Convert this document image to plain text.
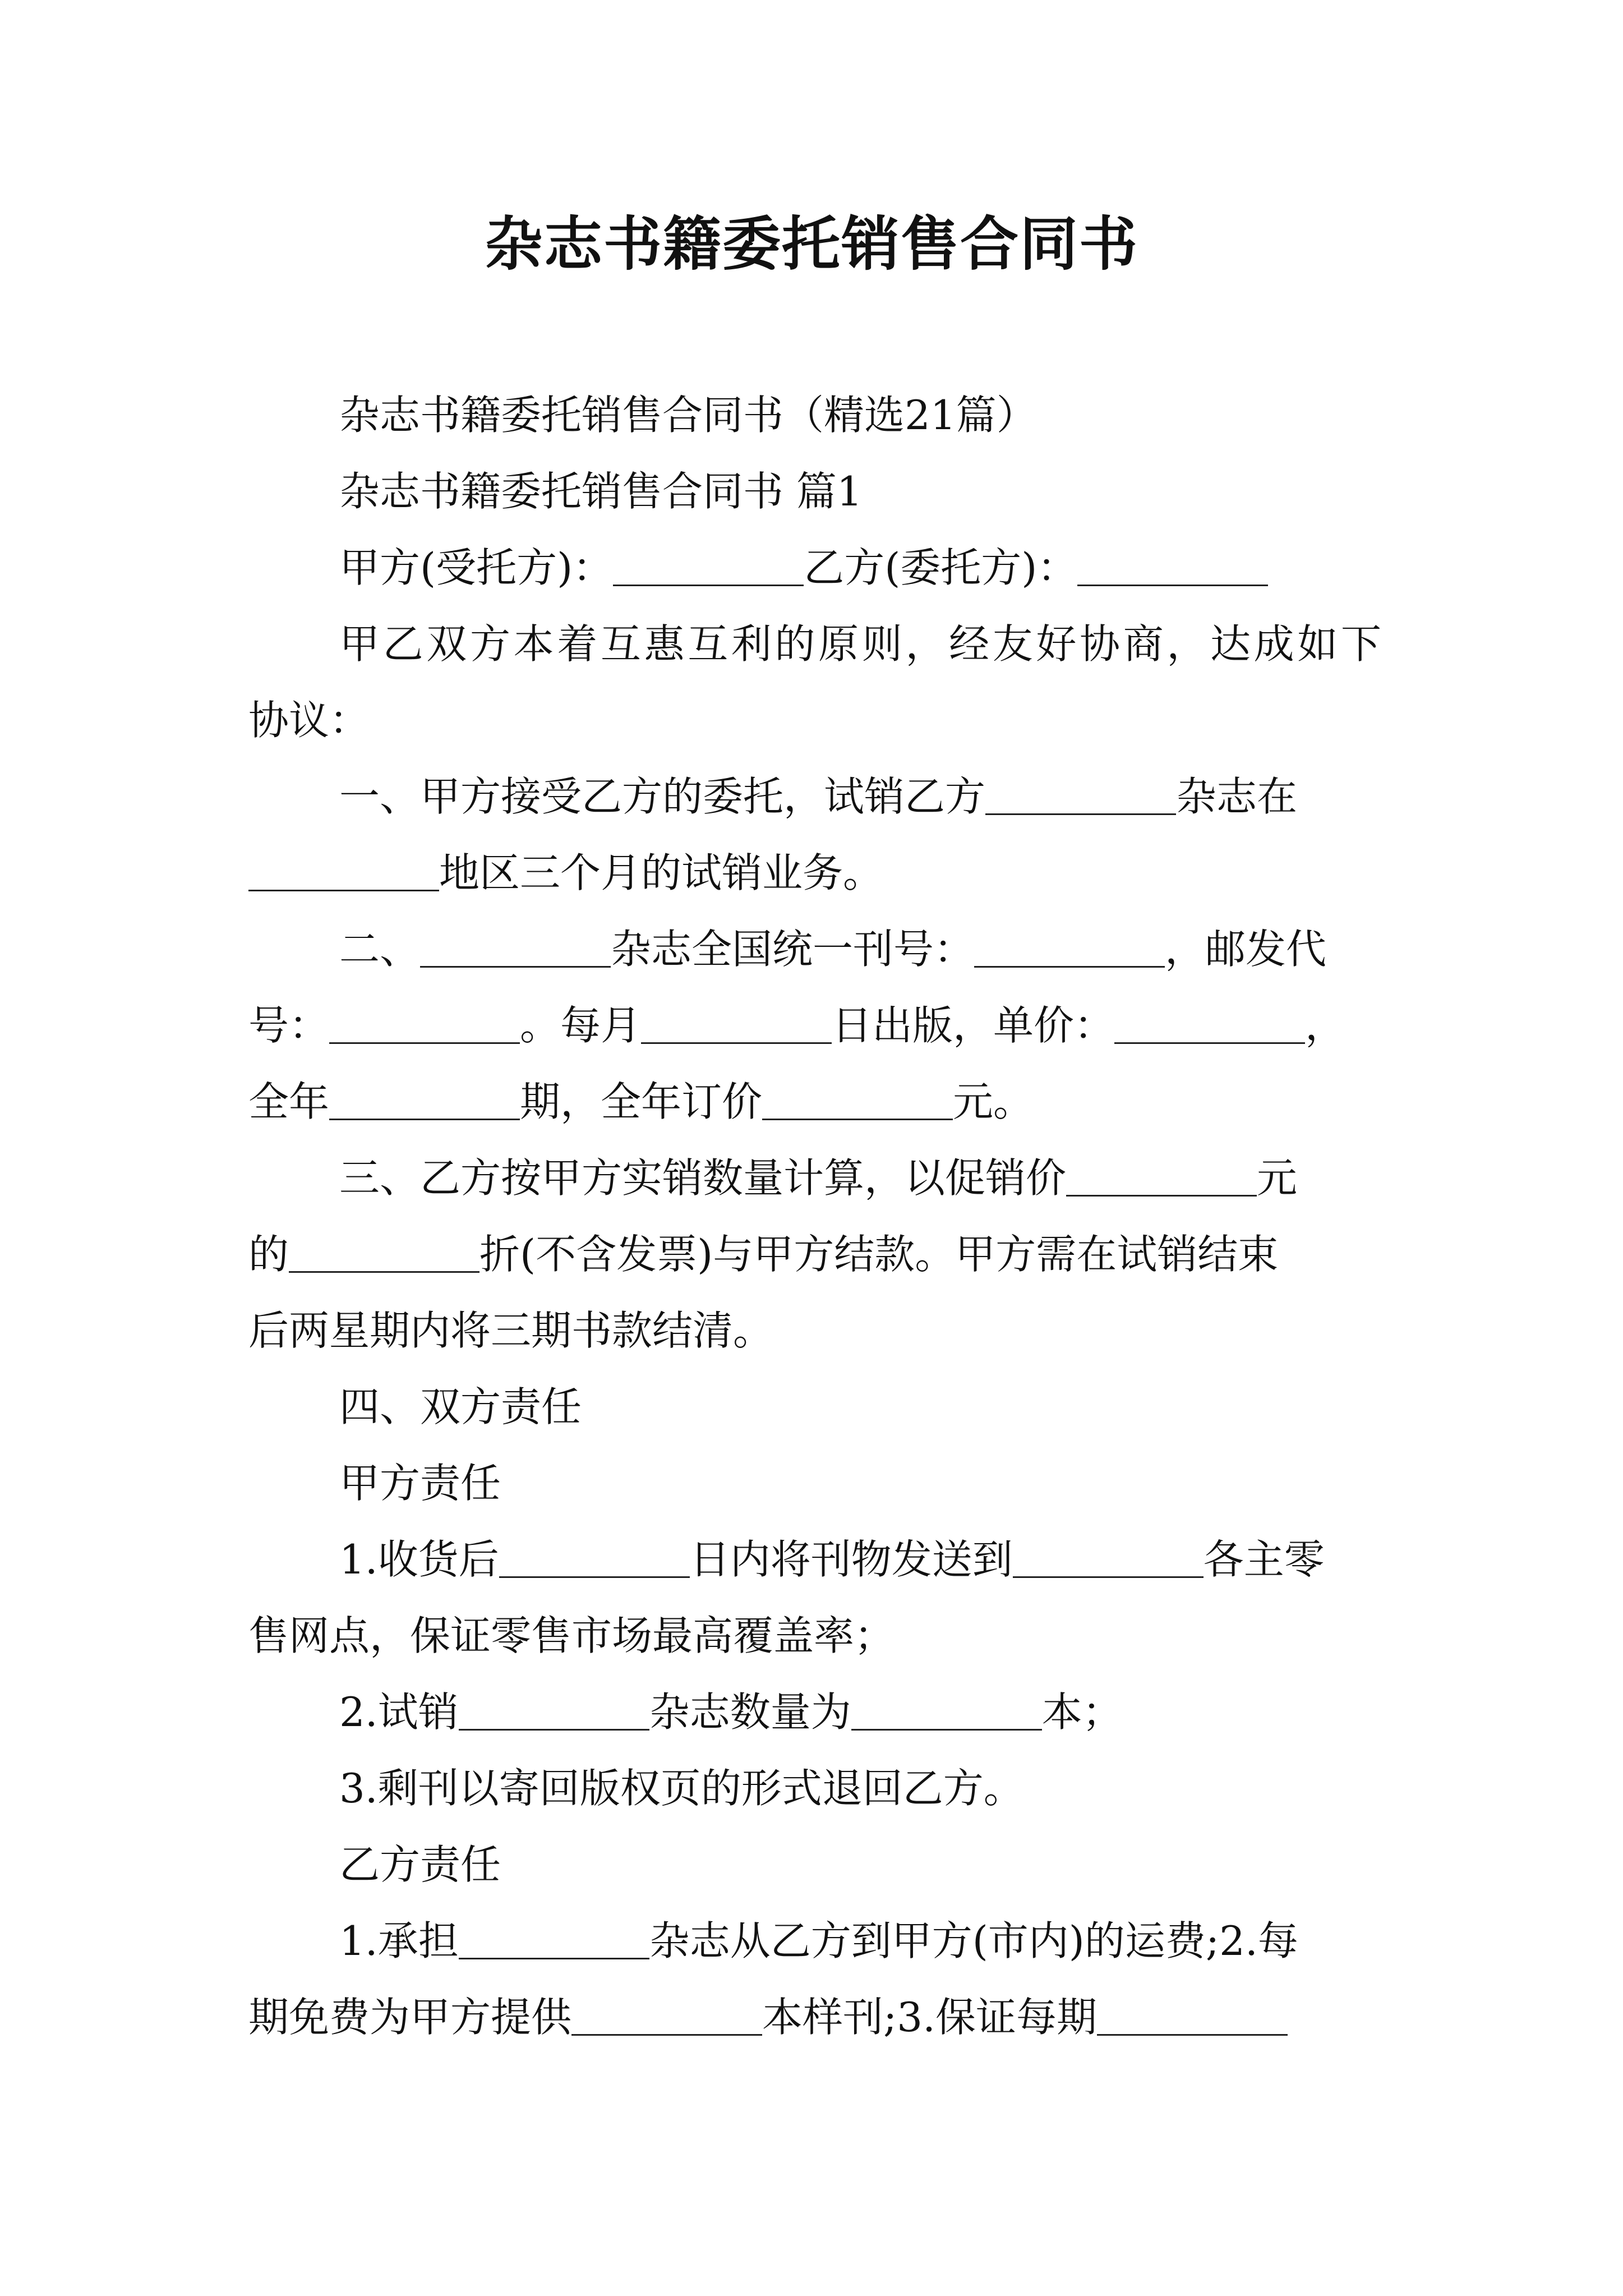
杂志书籍委托销售合同书
杂志书籍委托销售合同书（精选21篇）
杂志书籍委托销售合同书 篇1
甲方(受托方)：	乙方(委托方)：
甲乙双方本着互惠互利的原则，经友好协商，达成如下
协议：
一、甲方接受乙方的委托，试销乙方	杂志在
地区三个月的试销业务。
二、	杂志全国统一刊号：	，邮发代
号：	。每月	日出版，单价：	，
全年	期，全年订价	元。
三、乙方按甲方实销数量计算，以促销价	元
的	折(不含发票)与甲方结款。甲方需在试销结束
后两星期内将三期书款结清。
四、双方责任
甲方责任
1.收货后	日内将刊物发送到	各主零
售网点，保证零售市场最高覆盖率；
2.试销	杂志数量为	本；
3.剩刊以寄回版权页的形式退回乙方。
乙方责任
1.承担	杂志从乙方到甲方(市内)的运费;2.每
期免费为甲方提供	本样刊;3.保证每期
